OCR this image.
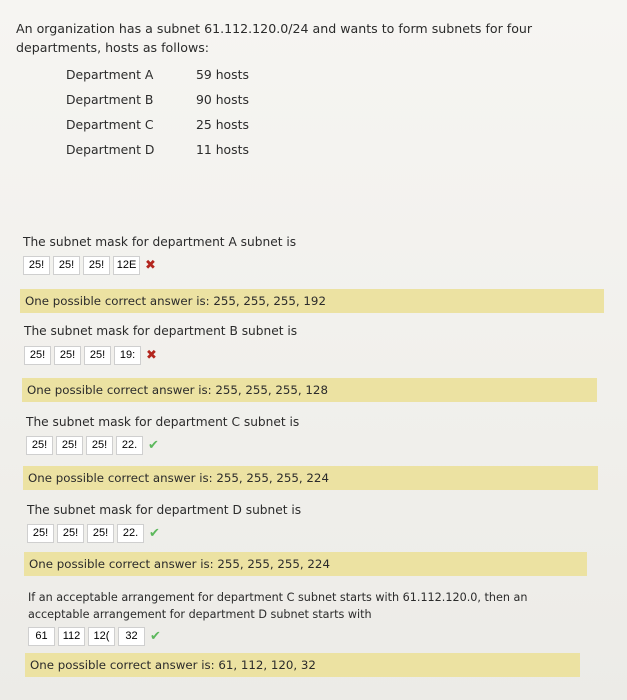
An organization has a subnet 61.112.120.0/24 and wants to form subnets for four departments, hosts as follows:

Department A	59 hosts
Department B	90 hosts
Department C	25 hosts
Department D	11 hosts
The subnet mask for department A subnet is
25!
25!
25!
12E
✖
One possible correct answer is: 255, 255, 255, 192
The subnet mask for department B subnet is
25!
25!
25!
19:
✖
One possible correct answer is: 255, 255, 255, 128
The subnet mask for department C subnet is
25!
25!
25!
22.
✔
One possible correct answer is: 255, 255, 255, 224
The subnet mask for department D subnet is
25!
25!
25!
22.
✔
One possible correct answer is: 255, 255, 255, 224
If an acceptable arrangement for department C subnet starts with 61.112.120.0, then an acceptable arrangement for department D subnet starts with
61
112
12(
32
✔
One possible correct answer is: 61, 112, 120, 32
